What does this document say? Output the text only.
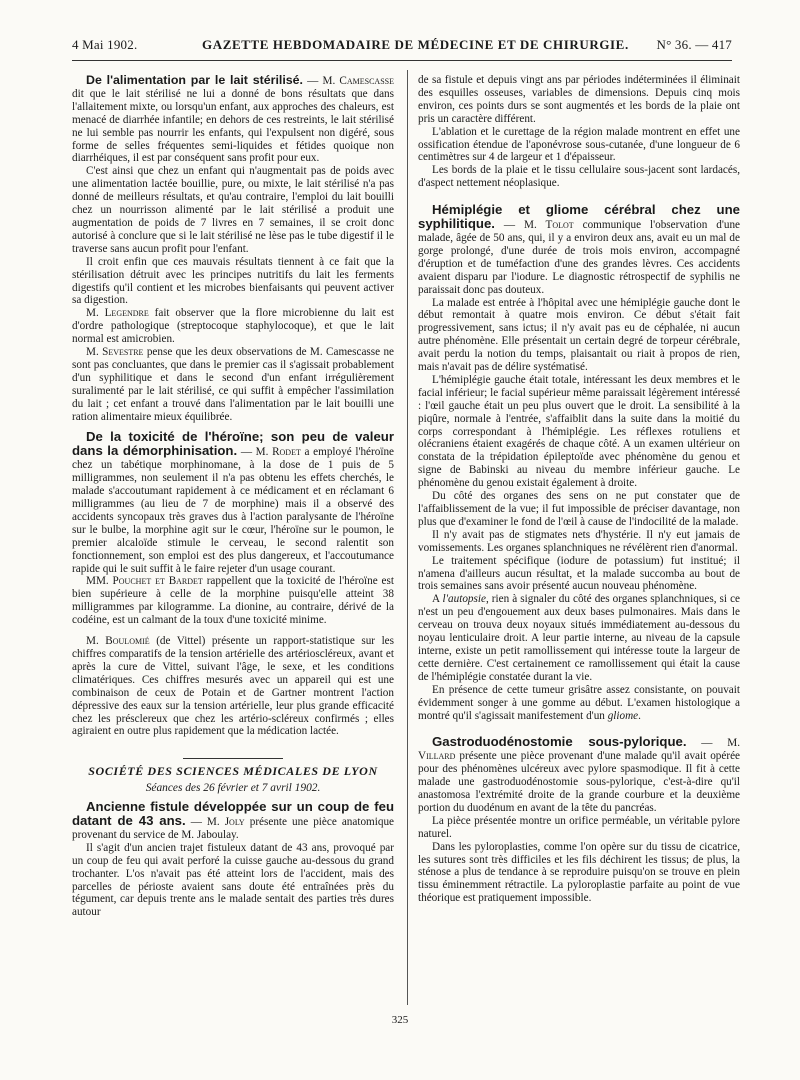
4 Mai 1902.	GAZETTE HEBDOMADAIRE DE MÉDECINE ET DE CHIRURGIE. N° 36. — 417

De l'alimentation par le lait stérilisé. — M. Camescasse dit que le lait stérilisé ne lui a donné de bons résultats que dans l'allaitement mixte, ou lorsqu'un enfant, aux approches des chaleurs, est menacé de diarrhée infantile; en dehors de ces restreints, le lait stérilisé ne lui semble pas nourrir les enfants, qui l'expulsent non digéré, sous forme de selles fréquentes semi-liquides et fétides quoique non diarrhéiques, il est par conséquent sans profit pour eux.

C'est ainsi que chez un enfant qui n'augmentait pas de poids avec une alimentation lactée bouillie, pure, ou mixte, le lait stérilisé n'a pas donné de meilleurs résultats, et qu'au contraire, l'emploi du lait bouilli chez un nourrisson alimenté par le lait stérilisé a produit une augmentation de poids de 7 livres en 7 semaines, il se croit donc autorisé à conclure que si le lait stérilisé ne lèse pas le tube digestif il le traverse sans aucun profit pour l'enfant.

Il croit enfin que ces mauvais résultats tiennent à ce fait que la stérilisation détruit avec les principes nutritifs du lait les ferments digestifs qu'il contient et les microbes bienfaisants qui peuvent activer sa digestion.

M. Legendre fait observer que la flore microbienne du lait est d'ordre pathologique (streptocoque staphylocoque), et que le lait normal est amicrobien.

M. Sevestre pense que les deux observations de M. Camescasse ne sont pas concluantes, que dans le premier cas il s'agissait probablement d'un syphilitique et dans le second d'un enfant irrégulièrement suralimenté par le lait stérilisé, ce qui suffit à empêcher l'assimilation du lait ; cet enfant a trouvé dans l'alimentation par le lait bouilli une ration alimentaire mieux équilibrée.

De la toxicité de l'héroïne; son peu de valeur dans la démorphinisation. — M. Rodet a employé l'héroïne chez un tabétique morphinomane, à la dose de 1 puis de 5 milligrammes, non seulement il n'a pas obtenu les effets cherchés, le malade s'accoutumant rapidement à ce médicament et en réclamant 6 milligrammes (au lieu de 7 de morphine) mais il a observé des accidents syncopaux très graves dus à l'action paralysante de l'héroïne sur le bulbe, la morphine agit sur le cœur, l'héroïne sur le poumon, le premier alcaloïde stimule le cerveau, le second ralentit son fonctionnement, son emploi est des plus dangereux, et l'accoutumance rapide qui le suit suffit à le faire rejeter d'un usage courant.

MM. Pouchet et Bardet rappellent que la toxicité de l'héroïne est bien supérieure à celle de la morphine puisqu'elle atteint 38 milligrammes par kilogramme. La dionine, au contraire, dérivé de la codéine, est un calmant de la toux d'une toxicité minime.

M. Boulomié (de Vittel) présente un rapport-statistique sur les chiffres comparatifs de la tension artérielle des artérioscléreux, avant et après la cure de Vittel, suivant l'âge, le sexe, et les conditions climatériques. Ces chiffres mesurés avec un appareil qui est une combinaison de ceux de Potain et de Gartner montrent l'action dépressive des eaux sur la tension artérielle, leur plus grande efficacité chez les présclereux que chez les artério-scléreux confirmés ; elles agiraient en outre plus rapidement que la médication lactée.

SOCIÉTÉ DES SCIENCES MÉDICALES DE LYON
Séances des 26 février et 7 avril 1902.

Ancienne fistule développée sur un coup de feu datant de 43 ans. — M. Joly présente une pièce anatomique provenant du service de M. Jaboulay.

Il s'agit d'un ancien trajet fistuleux datant de 43 ans, provoqué par un coup de feu qui avait perforé la cuisse gauche au-dessous du grand trochanter. L'os n'avait pas été atteint lors de l'accident, mais des parcelles de périoste avaient sans doute été entraînées près du tégument, car depuis trente ans le malade sentait des parties très dures autour

de sa fistule et depuis vingt ans par périodes indéterminées il éliminait des esquilles osseuses, variables de dimensions. Depuis cinq mois environ, ces points durs se sont augmentés et les bords de la plaie ont pris un caractère différent.

L'ablation et le curettage de la région malade montrent en effet une ossification étendue de l'aponévrose sous-cutanée, d'une longueur de 6 centimètres sur 4 de largeur et 1 d'épaisseur.

Les bords de la plaie et le tissu cellulaire sous-jacent sont lardacés, d'aspect nettement néoplasique.

Hémiplégie et gliome cérébral chez une syphilitique. — M. Tolot communique l'observation d'une malade, âgée de 50 ans, qui, il y a environ deux ans, avait eu un mal de gorge prolongé, d'une durée de trois mois environ, accompagné d'éruption et de tuméfaction d'une des grandes lèvres. Ces accidents avaient disparu par l'iodure. Le diagnostic rétrospectif de syphilis ne paraissait donc pas douteux.

La malade est entrée à l'hôpital avec une hémiplégie gauche dont le début remontait à quatre mois environ. Ce début s'était fait progressivement, sans ictus; il n'y avait pas eu de céphalée, ni aucun autre phénomène. Elle présentait un certain degré de torpeur cérébrale, avait perdu la notion du temps, plaisantait ou riait à propos de rien, mais n'avait pas de délire systématisé.

L'hémiplégie gauche était totale, intéressant les deux membres et le facial inférieur; le facial supérieur même paraissait légèrement intéressé : l'œil gauche était un peu plus ouvert que le droit. La sensibilité à la piqûre, normale à l'entrée, s'affaiblit dans la suite dans la moitié du corps correspondant à l'hémiplégie. Les réflexes rotuliens et olécraniens étaient exagérés de chaque côté. A un examen ultérieur on constata de la trépidation épileptoïde avec phénomène du genou et signe de Babinski au niveau du membre inférieur gauche. Le phénomène du genou existait également à droite.

Du côté des organes des sens on ne put constater que de l'affaiblissement de la vue; il fut impossible de préciser davantage, non plus que d'examiner le fond de l'œil à cause de l'indocilité de la malade.

Il n'y avait pas de stigmates nets d'hystérie. Il n'y eut jamais de vomissements. Les organes splanchniques ne révélèrent rien d'anormal.

Le traitement spécifique (iodure de potassium) fut institué; il n'amena d'ailleurs aucun résultat, et la malade succomba au bout de trois semaines sans avoir présenté aucun nouveau phénomène.

A l'autopsie, rien à signaler du côté des organes splanchniques, si ce n'est un peu d'engouement aux deux bases pulmonaires. Mais dans le cerveau on trouva deux noyaux situés immédiatement au-dessous du noyau lenticulaire droit. A leur partie interne, au niveau de la capsule interne, existe un petit ramollissement qui intéresse toute la largeur de cette dernière. C'est certainement ce ramollissement qui était la cause de l'hémiplégie constatée durant la vie.

En présence de cette tumeur grisâtre assez consistante, on pouvait évidemment songer à une gomme au début. L'examen histologique a montré qu'il s'agissait manifestement d'un gliome.

Gastroduodénostomie sous-pylorique. — M. Villard présente une pièce provenant d'une malade qu'il avait opérée pour des phénomènes ulcéreux avec pylore spasmodique. Il fit à cette malade une gastroduodénostomie sous-pylorique, c'est-à-dire qu'il anastomosa l'extrémité droite de la grande courbure et la deuxième portion du duodénum en avant de la tête du pancréas.

La pièce présentée montre un orifice perméable, un véritable pylore naturel.

Dans les pyloroplasties, comme l'on opère sur du tissu de cicatrice, les sutures sont très difficiles et les fils déchirent les tissus; de plus, la sténose a plus de tendance à se reproduire puisqu'on se trouve en plein tissu éminemment rétractile. La pyloroplastie parfaite au point de vue théorique est pratiquement impossible.

325
